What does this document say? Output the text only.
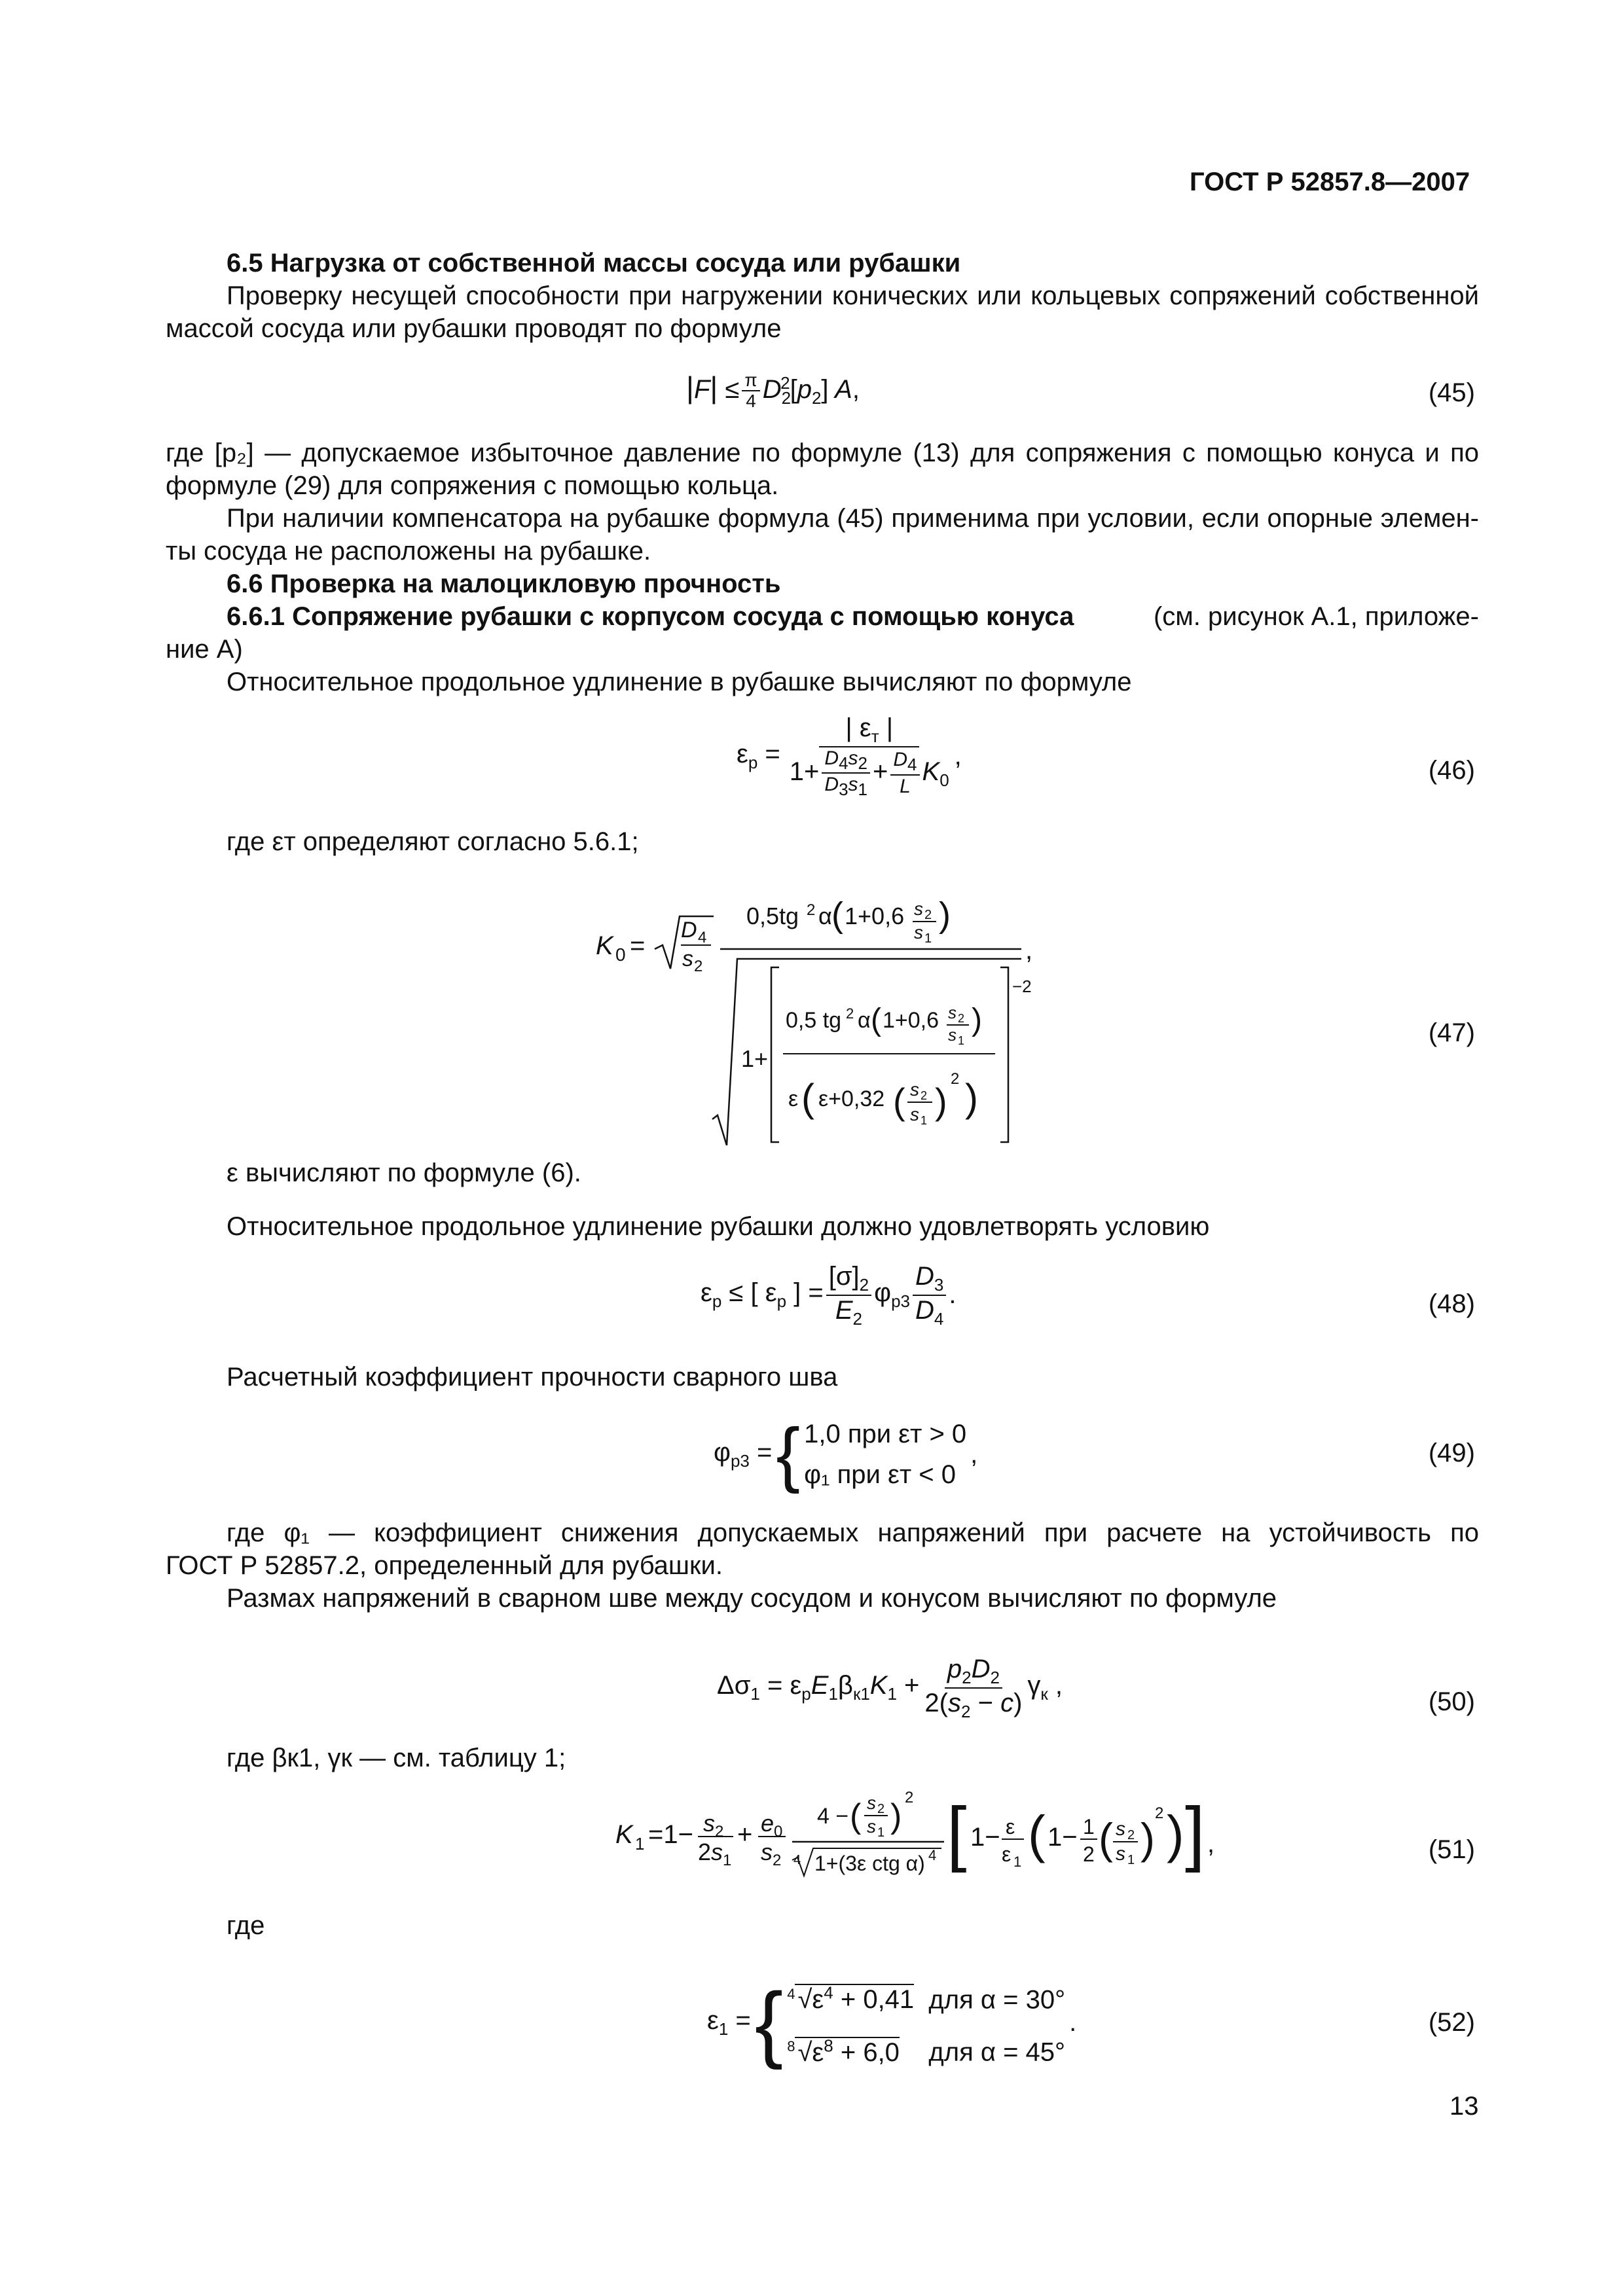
ГОСТ Р 52857.8—2007
6.5 Нагрузка от собственной массы сосуда или рубашки
Проверку несущей способности при нагружении конических или кольцевых сопряжений собственной
массой сосуда или рубашки проводят по формуле
$|F| \le \frac{\pi}{4} D_2^2[p_2]$ A,	(45)
где [p₂] — допускаемое избыточное давление по формуле (13) для сопряжения с помощью конуса и по
формуле (29) для сопряжения с помощью кольца.
При наличии компенсатора на рубашке формула (45) применима при условии, если опорные элемен-
ты сосуда не расположены на рубашке.
6.6 Проверка на малоцикловую прочность
6.6.1 Сопряжение рубашки с корпусом сосуда с помощью конуса	(см. рисунок А.1, приложе-
ние А)
Относительное продольное удлинение в рубашке вычисляют по формуле
$\varepsilon_p = \frac{| \varepsilon_т |}{1+ \frac{D_4s_2}{D_3s_1} + \frac{D_4}{L} K_0}$ ,
(46)
где εт определяют согласно 5.6.1;
K 0 =
D 4
s 2
0,5tg 2 α ( 1+0,6 s 2
s 1
)
,
1+
−2
0,5 tg 2 α ( 1+0,6 s 2
s 1
)
ε ( ε+0,32 ( s 2
s 1 )
2 )
(47)
ε вычисляют по формуле (6).
Относительное продольное удлинение рубашки должно удовлетворять условию
$\varepsilon_p$ ≤ [ $\varepsilon_p$ ] = $\frac{[\sigma]_2}{E_2} \varphi_{p3} \frac{D_3}{D_4}$ .	(48)
Расчетный коэффициент прочности сварного шва
$\varphi_{p3}$ = { 1,0 при εт > 0
φ₁ при εт < 0
,	(49)
где φ₁ — коэффициент снижения допускаемых напряжений при расчете на устойчивость по
ГОСТ Р 52857.2, определенный для рубашки.
Размах напряжений в сварном шве между сосудом и конусом вычисляют по формуле
$\Delta\sigma_1 = \varepsilon_pE_1\beta_{к1}K_1 + \frac{p_2D_2}{2(s_2 - c)} \gamma_к$ ,
(50)
где βк1, γк — см. таблицу 1;
K 1 =1− s 2
2 s 1
+ e 0
s 2
4 − ( s 2
s 1 ) 2
4 1+(3ε ctg α) 4 [ 1− ε
ε 1 ( 1− 1
2 ( s 2
s 1 )
2 ) ] ,	(51)
где
$\varepsilon_1$ = { $^4$ $√\varepsilon^4 + 0,41$ для α = 30°
$^8$ $√\varepsilon^8 + 6,0$ для α = 45°
.	(52)
13
